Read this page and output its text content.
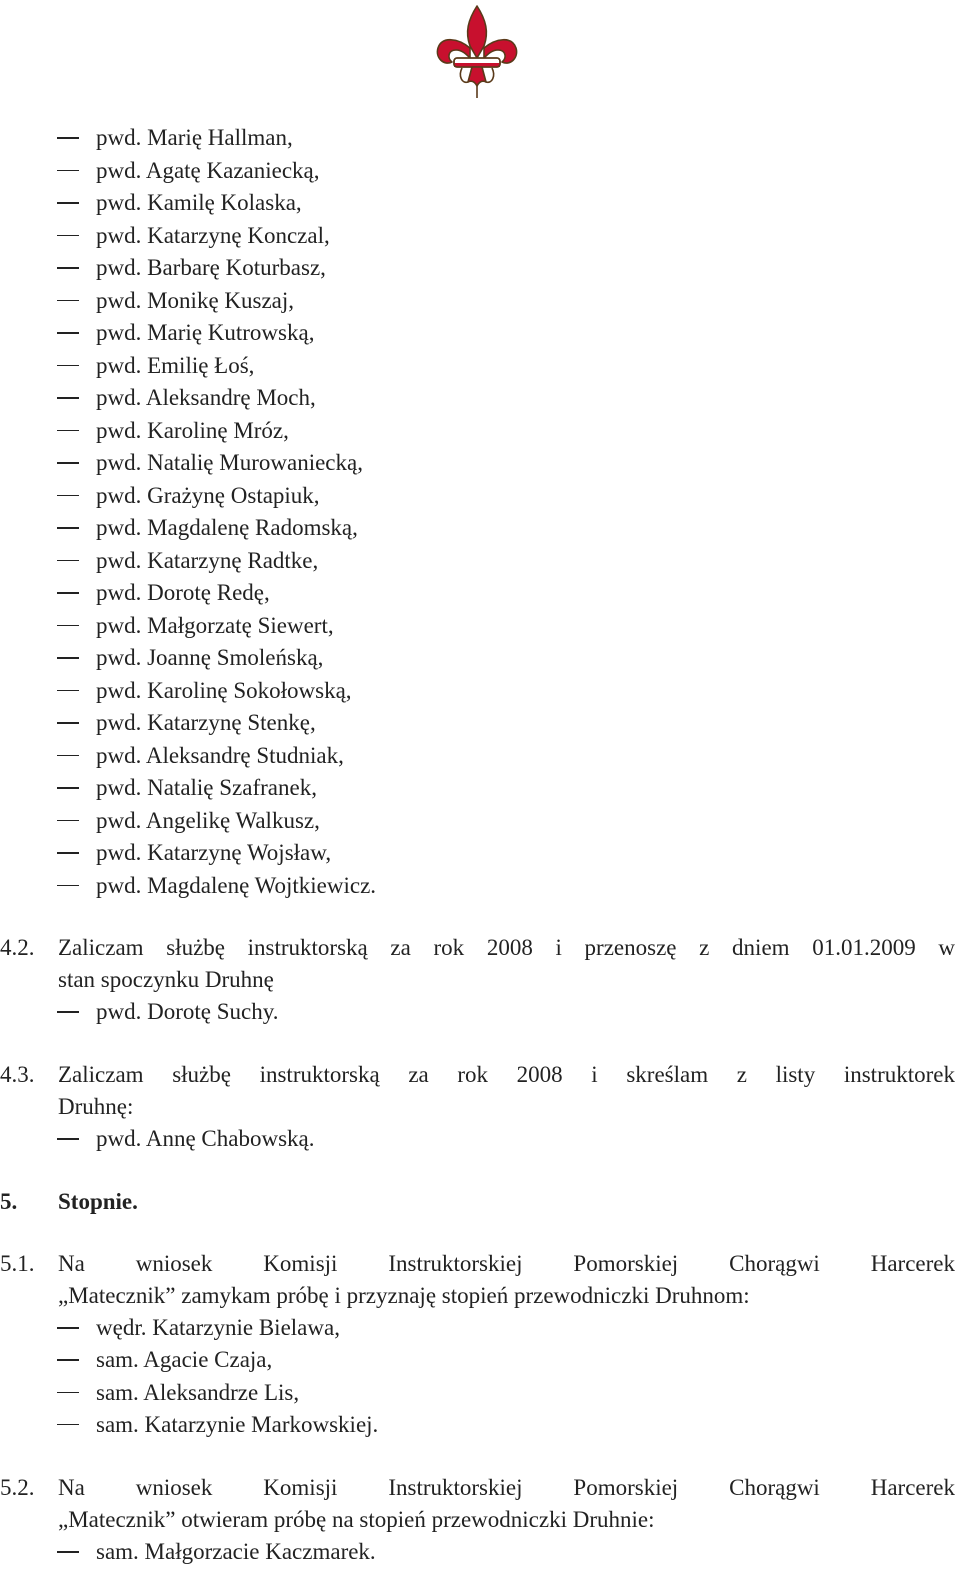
pwd. Marię Hallman,
pwd. Agatę Kazaniecką,
pwd. Kamilę Kolaska,
pwd. Katarzynę Konczal,
pwd. Barbarę Koturbasz,
pwd. Monikę Kuszaj,
pwd. Marię Kutrowską,
pwd. Emilię Łoś,
pwd. Aleksandrę Moch,
pwd. Karolinę Mróz,
pwd. Natalię Murowaniecką,
pwd. Grażynę Ostapiuk,
pwd. Magdalenę Radomską,
pwd. Katarzynę Radtke,
pwd. Dorotę Redę,
pwd. Małgorzatę Siewert,
pwd. Joannę Smoleńską,
pwd. Karolinę Sokołowską,
pwd. Katarzynę Stenkę,
pwd. Aleksandrę Studniak,
pwd. Natalię Szafranek,
pwd. Angelikę Walkusz,
pwd. Katarzynę Wojsław,
pwd. Magdalenę Wojtkiewicz.
4.2. Zaliczam służbę instruktorską za rok 2008 i przenoszę z dniem 01.01.2009 w

stan spoczynku Druhnę
pwd. Dorotę Suchy.
4.3. Zaliczam służbę instruktorską za rok 2008 i skreślam z listy instruktorek

Druhnę:
pwd. Annę Chabowską.
5. Stopnie.
5.1. Na wniosek Komisji Instruktorskiej Pomorskiej Chorągwi Harcerek

„Matecznik” zamykam próbę i przyznaję stopień przewodniczki Druhnom:
wędr. Katarzynie Bielawa,
sam. Agacie Czaja,
sam. Aleksandrze Lis,
sam. Katarzynie Markowskiej.
5.2. Na wniosek Komisji Instruktorskiej Pomorskiej Chorągwi Harcerek

„Matecznik” otwieram próbę na stopień przewodniczki Druhnie:
sam. Małgorzacie Kaczmarek.
